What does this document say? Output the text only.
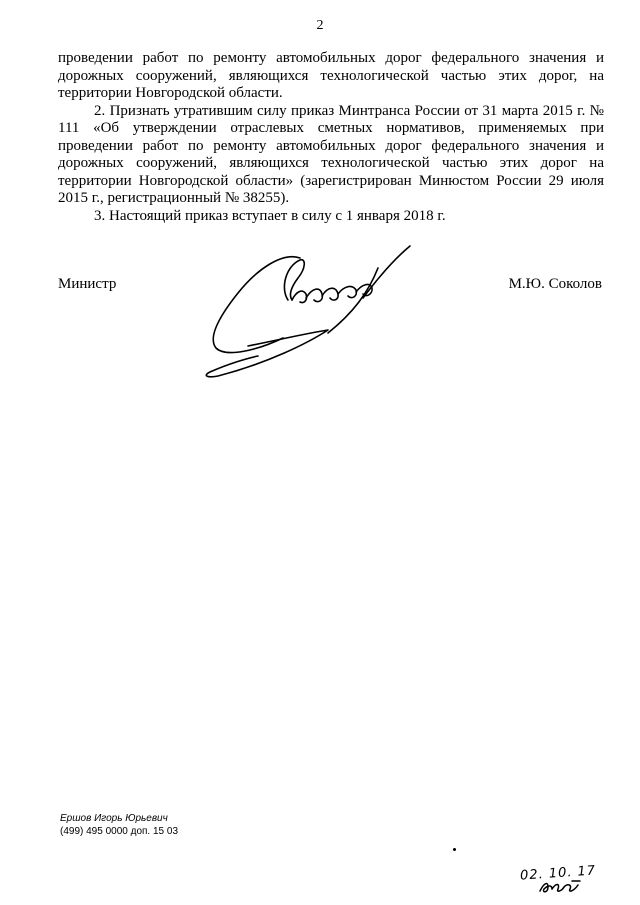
2

проведении работ по ремонту автомобильных дорог федерального значения и дорожных сооружений, являющихся технологической частью этих дорог, на территории Новгородской области.

2. Признать утратившим силу приказ Минтранса России от 31 марта 2015 г. № 111 «Об утверждении отраслевых сметных нормативов, применяемых при проведении работ по ремонту автомобильных дорог федерального значения и дорожных сооружений, являющихся технологической частью этих дорог на территории Новгородской области» (зарегистрирован Минюстом России 29 июля 2015 г., регистрационный № 38255).

3. Настоящий приказ вступает в силу с 1 января 2018 г.

Министр	М.Ю. Соколов
Ершов Игорь Юрьевич
(499) 495 0000 доп. 15 03
02. 10. 17
